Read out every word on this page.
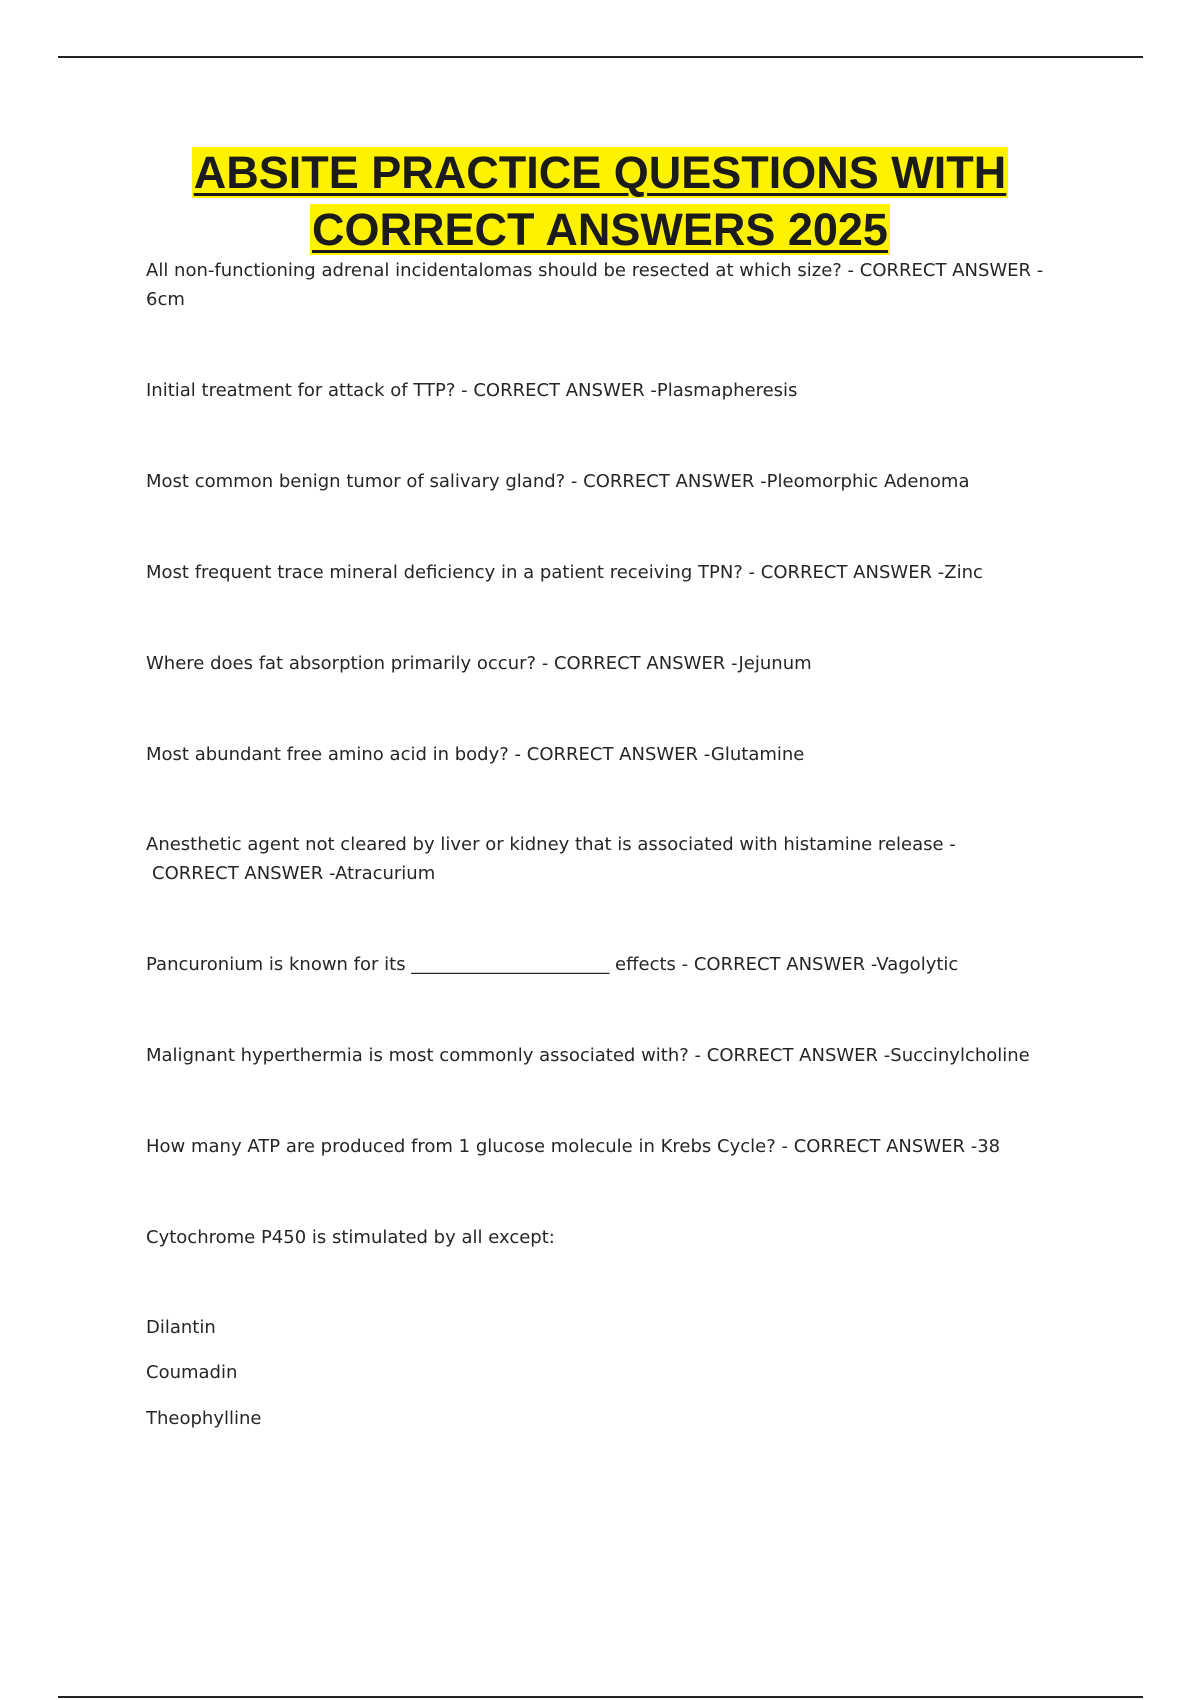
ABSITE PRACTICE QUESTIONS WITH
CORRECT ANSWERS 2025
All non-functioning adrenal incidentalomas should be resected at which size? - CORRECT ANSWER - 6cm
Initial treatment for attack of TTP? - CORRECT ANSWER -Plasmapheresis
Most common benign tumor of salivary gland? - CORRECT ANSWER -Pleomorphic Adenoma
Most frequent trace mineral deficiency in a patient receiving TPN? - CORRECT ANSWER -Zinc
Where does fat absorption primarily occur? - CORRECT ANSWER -Jejunum
Most abundant free amino acid in body? - CORRECT ANSWER -Glutamine
Anesthetic agent not cleared by liver or kidney that is associated with histamine release -
CORRECT ANSWER -Atracurium
Pancuronium is known for its ______________________ effects - CORRECT ANSWER -Vagolytic
Malignant hyperthermia is most commonly associated with? - CORRECT ANSWER -Succinylcholine
How many ATP are produced from 1 glucose molecule in Krebs Cycle? - CORRECT ANSWER -38
Cytochrome P450 is stimulated by all except:
Dilantin
Coumadin
Theophylline
